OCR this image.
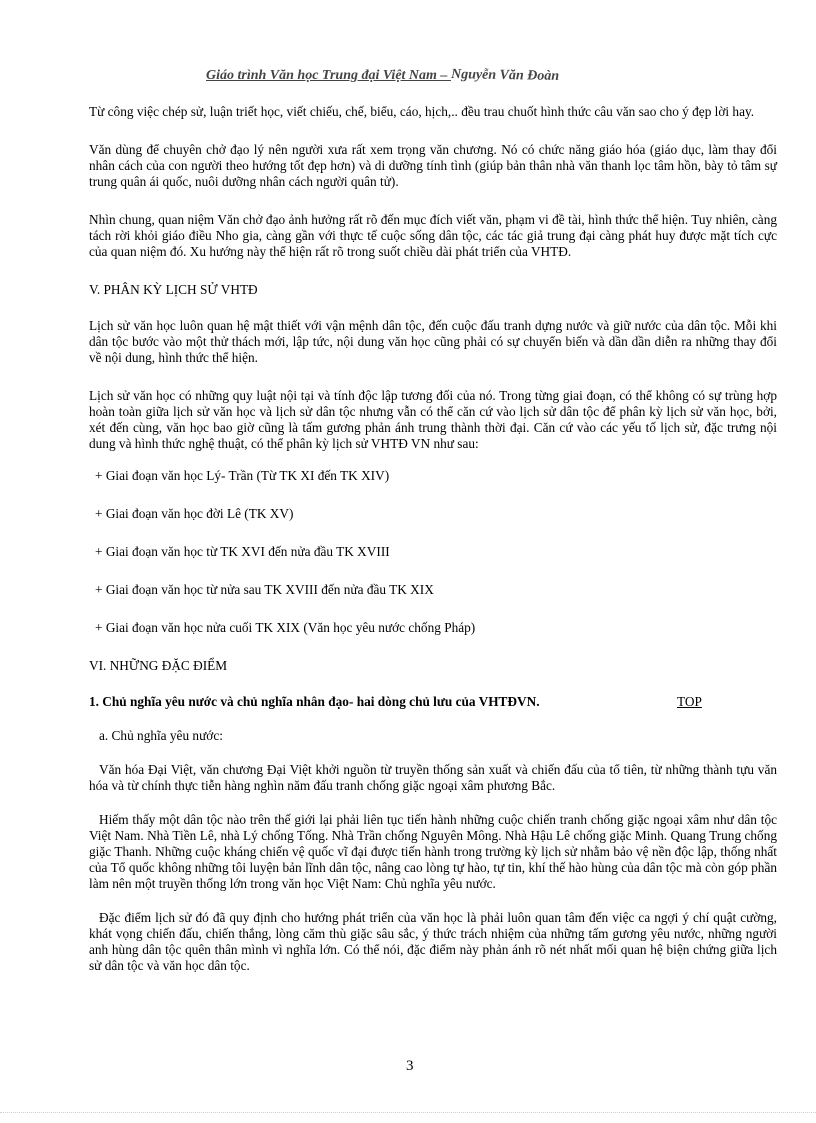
Giáo trình Văn học Trung đại Việt Nam – Nguyễn Văn Đoàn

Từ công việc chép sử, luận triết học, viết chiếu, chế, biểu, cáo, hịch,.. đều trau chuốt hình thức câu văn sao cho ý đẹp lời hay.

Văn dùng để chuyên chở đạo lý nên người xưa rất xem trọng văn chương. Nó có chức năng giáo hóa (giáo dục, làm thay đổi nhân cách của con người theo hướng tốt đẹp hơn) và di dưỡng tính tình (giúp bản thân nhà văn thanh lọc tâm hồn, bày tỏ tâm sự trung quân ái quốc, nuôi dưỡng nhân cách người quân tử).

Nhìn chung, quan niệm Văn chở đạo ảnh hưởng rất rõ đến mục đích viết văn, phạm vi đề tài, hình thức thể hiện. Tuy nhiên, càng tách rời khỏi giáo điều Nho gia, càng gần với thực tế cuộc sống dân tộc, các tác giả trung đại càng phát huy được mặt tích cực của quan niệm đó. Xu hướng này thể hiện rất rõ trong suốt chiều dài phát triển của VHTĐ.

V. PHÂN KỲ LỊCH SỬ VHTĐ

Lịch sử văn học luôn quan hệ mật thiết với vận mệnh dân tộc, đến cuộc đấu tranh dựng nước và giữ nước của dân tộc. Mỗi khi dân tộc bước vào một thử thách mới, lập tức, nội dung văn học cũng phải có sự chuyển biến và dần dần diễn ra những thay đổi về nội dung, hình thức thể hiện.

Lịch sử văn học có những quy luật nội tại và tính độc lập tương đối của nó. Trong từng giai đoạn, có thể không có sự trùng hợp hoàn toàn giữa lịch sử văn học và lịch sử dân tộc nhưng vẫn có thể căn cứ vào lịch sử dân tộc để phân kỳ lịch sử văn học, bởi, xét đến cùng, văn học bao giờ cũng là tấm gương phản ánh trung thành thời đại. Căn cứ vào các yếu tố lịch sử, đặc trưng nội dung và hình thức nghệ thuật, có thể phân kỳ lịch sử VHTĐ VN như sau:

+ Giai đoạn văn học Lý- Trần (Từ TK XI đến TK XIV)

+ Giai đoạn văn học đời Lê (TK XV)

+ Giai đoạn văn học từ TK XVI đến nửa đầu TK XVIII

+ Giai đoạn văn học từ nửa sau TK XVIII đến nửa đầu TK XIX

+ Giai đoạn văn học nửa cuối TK XIX (Văn học yêu nước chống Pháp)

VI. NHỮNG ĐẶC ĐIỂM

1. Chủ nghĩa yêu nước và chủ nghĩa nhân đạo- hai dòng chủ lưu của VHTĐVN.	TOP

a. Chủ nghĩa yêu nước:

Văn hóa Đại Việt, văn chương Đại Việt khởi nguồn từ truyền thống sản xuất và chiến đấu của tổ tiên, từ những thành tựu văn hóa và từ chính thực tiễn hàng nghìn năm đấu tranh chống giặc ngoại xâm phương Bắc.

Hiếm thấy một dân tộc nào trên thế giới lại phải liên tục tiến hành những cuộc chiến tranh chống giặc ngoại xâm như dân tộc Việt Nam. Nhà Tiền Lê, nhà Lý chống Tống. Nhà Trần chống Nguyên Mông. Nhà Hậu Lê chống giặc Minh. Quang Trung chống giặc Thanh. Những cuộc kháng chiến vệ quốc vĩ đại được tiến hành trong trường kỳ lịch sử nhằm bảo vệ nền độc lập, thống nhất của Tổ quốc không những tôi luyện bản lĩnh dân tộc, nâng cao lòng tự hào, tự tin, khí thế hào hùng của dân tộc mà còn góp phần làm nên một truyền thống lớn trong văn học Việt Nam: Chủ nghĩa yêu nước.

Đặc điểm lịch sử đó đã quy định cho hướng phát triển của văn học là phải luôn quan tâm đến việc ca ngợi ý chí quật cường, khát vọng chiến đấu, chiến thắng, lòng căm thù giặc sâu sắc, ý thức trách nhiệm của những tấm gương yêu nước, những người anh hùng dân tộc quên thân mình vì nghĩa lớn. Có thể nói, đặc điểm này phản ánh rõ nét nhất mối quan hệ biện chứng giữa lịch sử dân tộc và văn học dân tộc.

3
